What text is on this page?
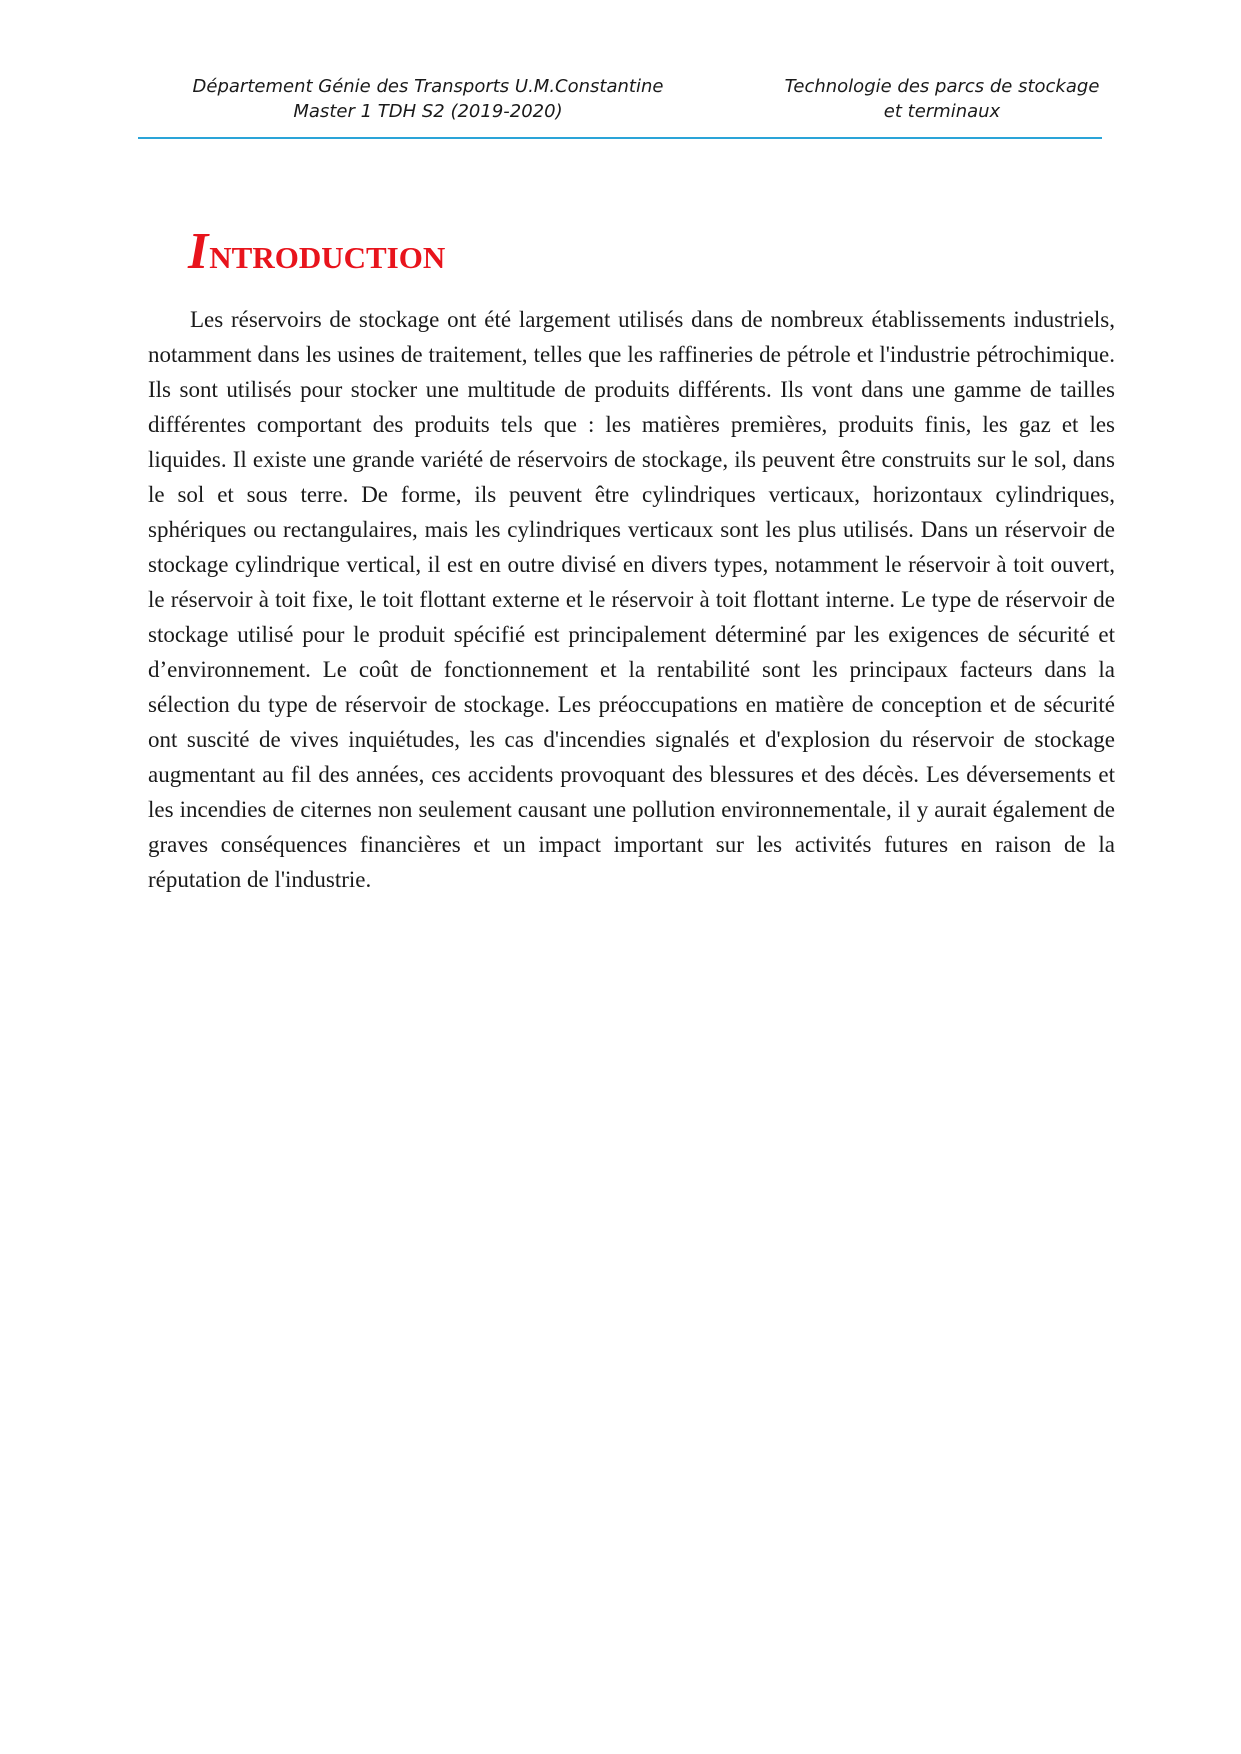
Département Génie des Transports U.M.Constantine
Master 1 TDH S2 (2019-2020)
Technologie des parcs de stockage
et terminaux
INTRODUCTION

Les réservoirs de stockage ont été largement utilisés dans de nombreux établissements industriels, notamment dans les usines de traitement, telles que les raffineries de pétrole et l'industrie pétrochimique. Ils sont utilisés pour stocker une multitude de produits différents. Ils vont dans une gamme de tailles différentes comportant des produits tels que : les matières premières, produits finis, les gaz et les liquides. Il existe une grande variété de réservoirs de stockage, ils peuvent être construits sur le sol, dans le sol et sous terre. De forme, ils peuvent être cylindriques verticaux, horizontaux cylindriques, sphériques ou rectangulaires, mais les cylindriques verticaux sont les plus utilisés. Dans un réservoir de stockage cylindrique vertical, il est en outre divisé en divers types, notamment le réservoir à toit ouvert, le réservoir à toit fixe, le toit flottant externe et le réservoir à toit flottant interne. Le type de réservoir de stockage utilisé pour le produit spécifié est principalement déterminé par les exigences de sécurité et d’environnement. Le coût de fonctionnement et la rentabilité sont les principaux facteurs dans la sélection du type de réservoir de stockage. Les préoccupations en matière de conception et de sécurité ont suscité de vives inquiétudes, les cas d'incendies signalés et d'explosion du réservoir de stockage augmentant au fil des années, ces accidents provoquant des blessures et des décès. Les déversements et les incendies de citernes non seulement causant une pollution environnementale, il y aurait également de graves conséquences financières et un impact important sur les activités futures en raison de la réputation de l'industrie.
